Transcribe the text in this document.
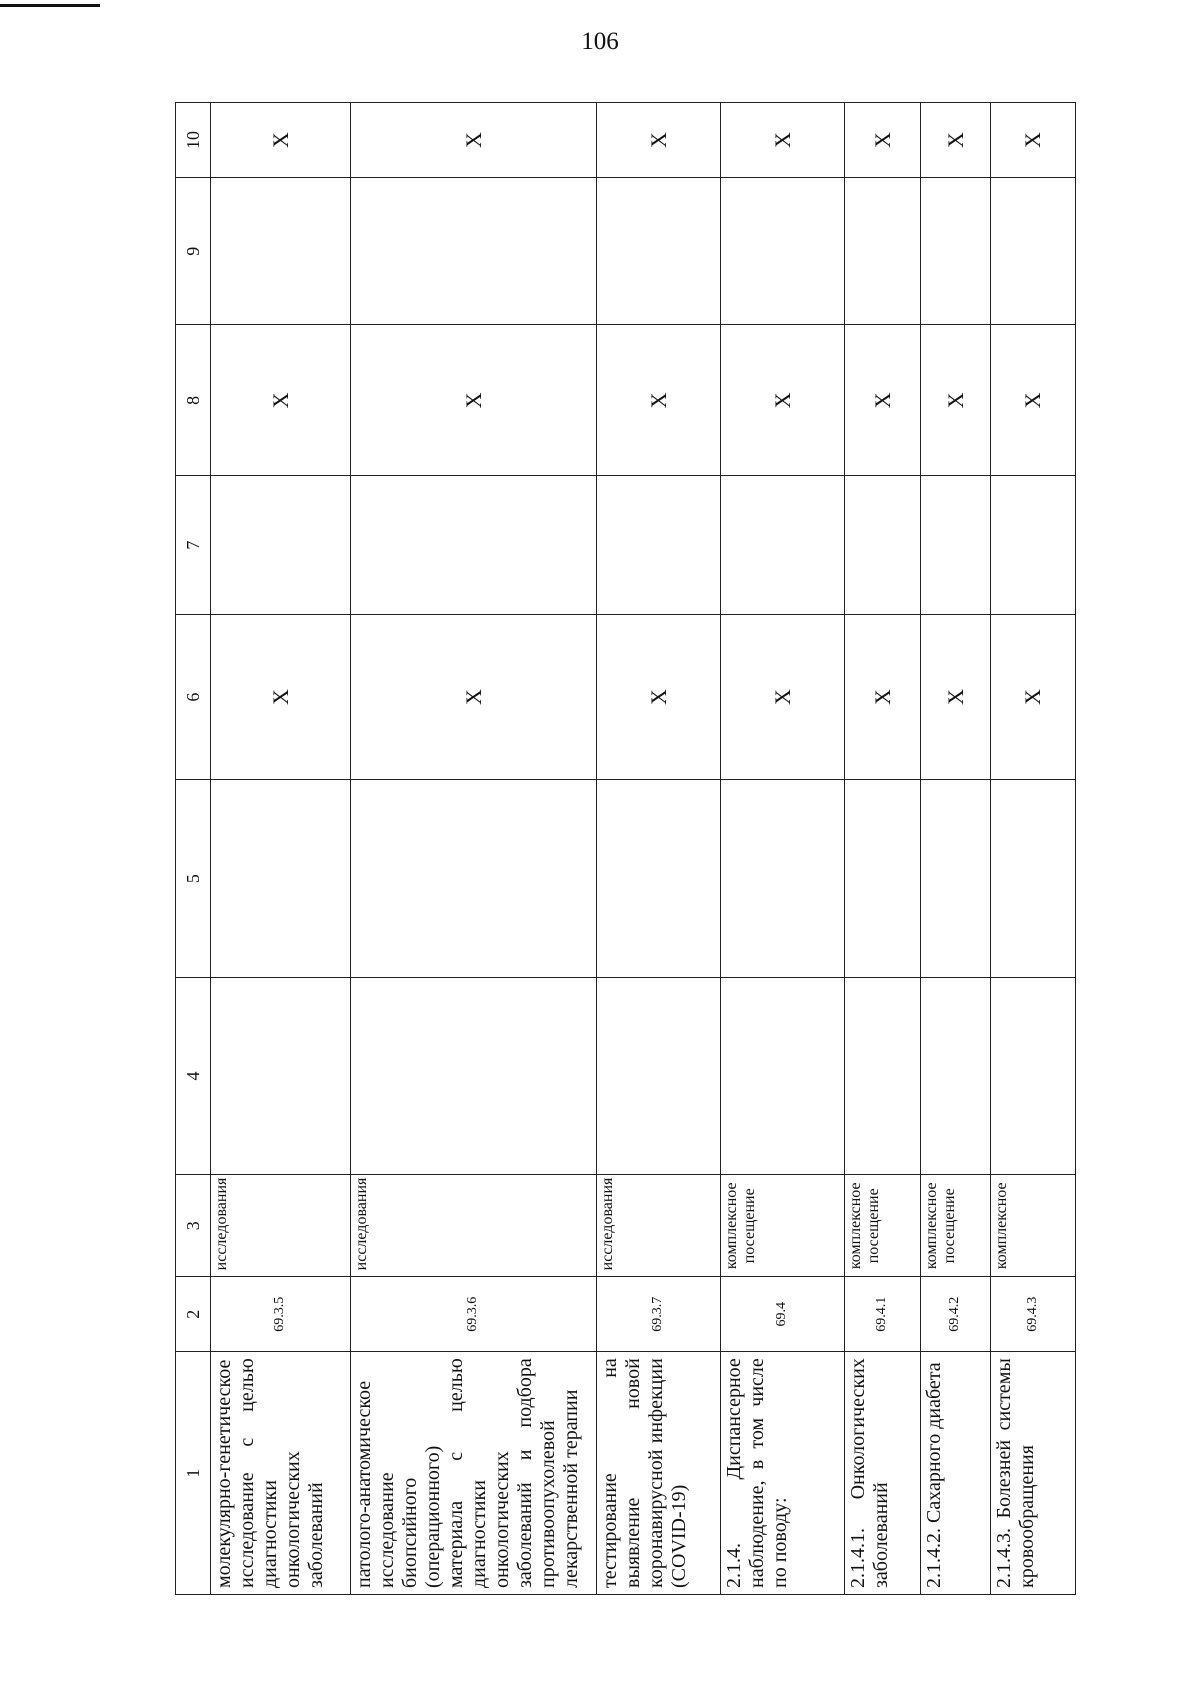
106
1	2	3	4	5	6	7	8	9	10
молекулярно-генетическое исследование с целью диагностики онкологических заболеваний	69.3.5	исследования			X		X		X
патолого-анатомическое исследование биопсийного (операционного) материала с целью диагностики онкологических заболеваний и подбора противоопухолевой лекарственной терапии	69.3.6	исследования			X		X		X
тестирование на выявление новой коронавирусной инфекции (COVID-19)	69.3.7	исследования			X		X		X
2.1.4. Диспансерное наблюдение, в том числе по поводу:	69.4	комплексное посещение			X		X		X
2.1.4.1. Онкологических заболеваний	69.4.1	комплексное посещение			X		X		X
2.1.4.2. Сахарного диабета	69.4.2	комплексное посещение			X		X		X
2.1.4.3. Болезней системы кровообращения	69.4.3	комплексное			X		X		X
